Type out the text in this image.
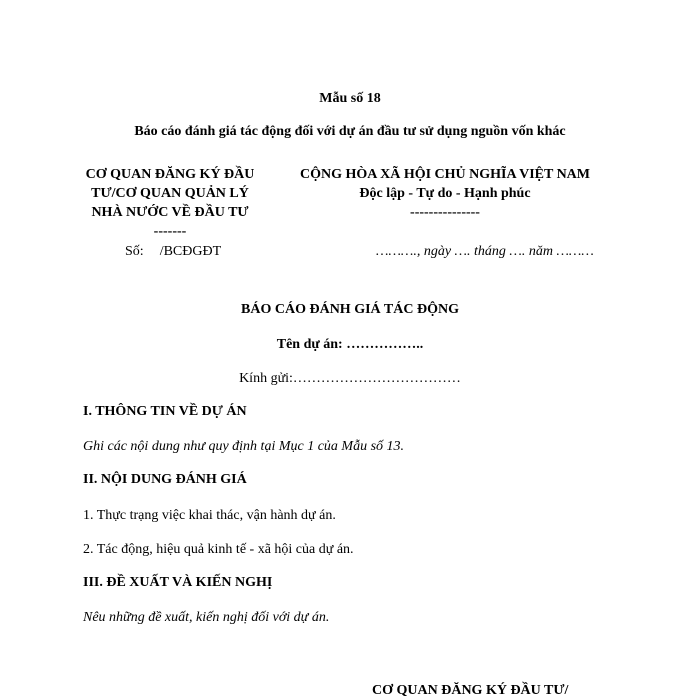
Mẫu số 18
Báo cáo đánh giá tác động đối với dự án đầu tư sử dụng nguồn vốn khác
CƠ QUAN ĐĂNG KÝ ĐẦU
TƯ/CƠ QUAN QUẢN LÝ
NHÀ NƯỚC VỀ ĐẦU TƯ
-------
CỘNG HÒA XÃ HỘI CHỦ NGHĨA VIỆT NAM
Độc lập - Tự do - Hạnh phúc
---------------
Số: /BCĐGĐT	………., ngày …. tháng …. năm ………
BÁO CÁO ĐÁNH GIÁ TÁC ĐỘNG
Tên dự án: ……………..
Kính gửi:………………………………
I. THÔNG TIN VỀ DỰ ÁN
Ghi các nội dung như quy định tại Mục 1 của Mẫu số 13.
II. NỘI DUNG ĐÁNH GIÁ
1. Thực trạng việc khai thác, vận hành dự án.
2. Tác động, hiệu quả kinh tế - xã hội của dự án.
III. ĐỀ XUẤT VÀ KIẾN NGHỊ
Nêu những đề xuất, kiến nghị đối với dự án.
CƠ QUAN ĐĂNG KÝ ĐẦU TƯ/
